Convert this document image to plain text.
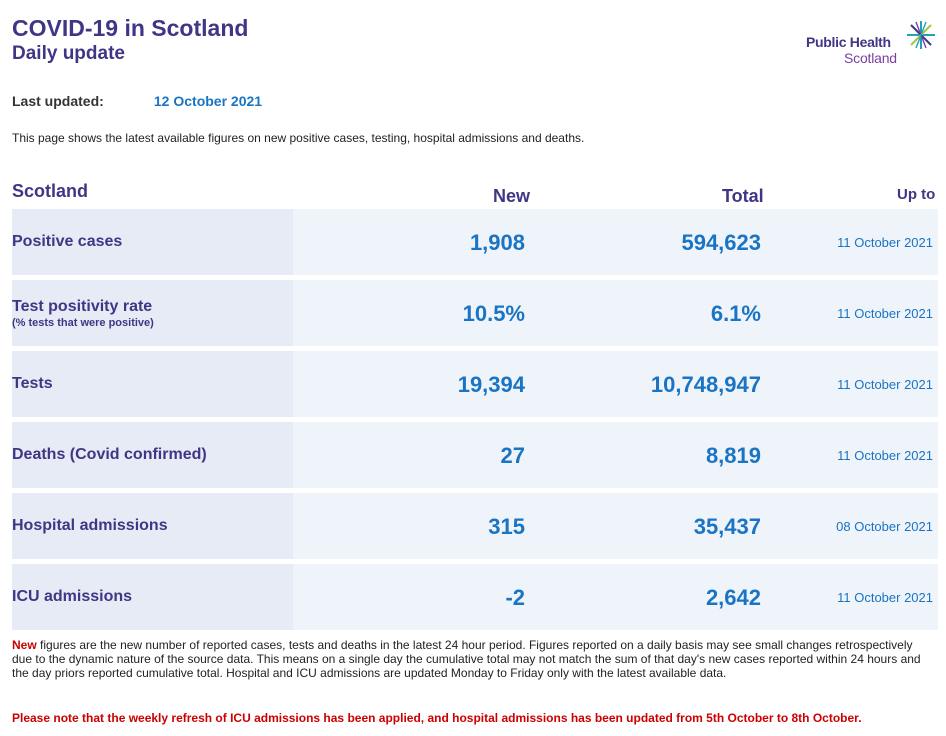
COVID-19 in Scotland
Daily update
Public Health
Scotland
Last updated:	12 October 2021
This page shows the latest available figures on new positive cases, testing, hospital admissions and deaths.
Scotland	New	Total	Up to
Positive cases	1,908	594,623	11 October 2021
Test positivity rate
(% tests that were positive)	10.5%	6.1%	11 October 2021
Tests	19,394	10,748,947	11 October 2021
Deaths (Covid confirmed)	27	8,819	11 October 2021
Hospital admissions	315	35,437	08 October 2021
ICU admissions	-2	2,642	11 October 2021
New figures are the new number of reported cases, tests and deaths in the latest 24 hour period. Figures reported on a daily basis may see small changes retrospectively due to the dynamic nature of the source data. This means on a single day the cumulative total may not match the sum of that day's new cases reported within 24 hours and the day priors reported cumulative total. Hospital and ICU admissions are updated Monday to Friday only with the latest available data.
Please note that the weekly refresh of ICU admissions has been applied, and hospital admissions has been updated from 5th October to 8th October.
